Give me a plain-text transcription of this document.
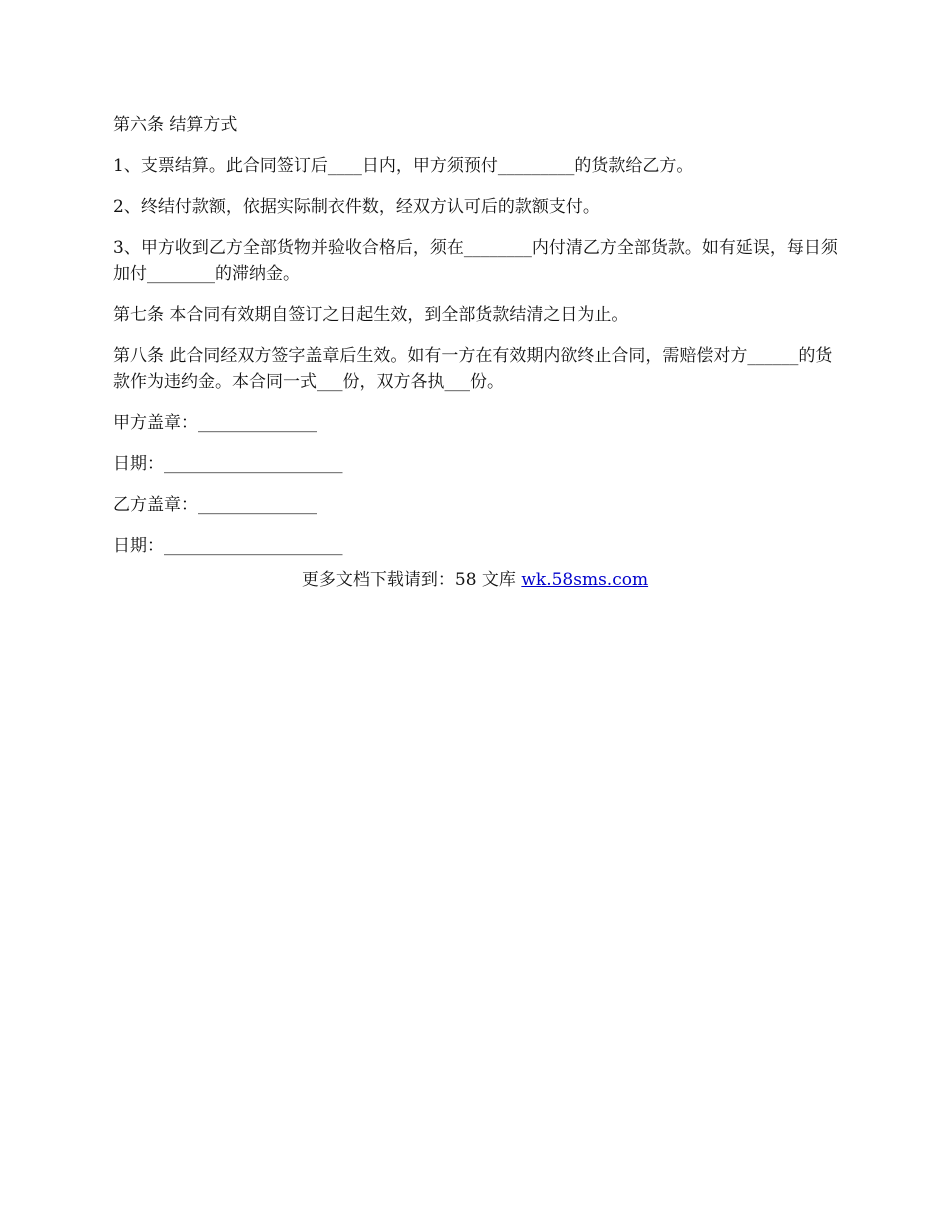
第六条 结算方式

1、支票结算。此合同签订后____日内，甲方须预付_________的货款给乙方。

2、终结付款额，依据实际制衣件数，经双方认可后的款额支付。

3、甲方收到乙方全部货物并验收合格后，须在________内付清乙方全部货款。如有延误，每日须加付________的滞纳金。

第七条 本合同有效期自签订之日起生效，到全部货款结清之日为止。

第八条 此合同经双方签字盖章后生效。如有一方在有效期内欲终止合同，需赔偿对方______的货款作为违约金。本合同一式___份，双方各执___份。

甲方盖章：______________

日期：_____________________

乙方盖章：______________

日期：_____________________

更多文档下载请到：58 文库 wk.58sms.com
